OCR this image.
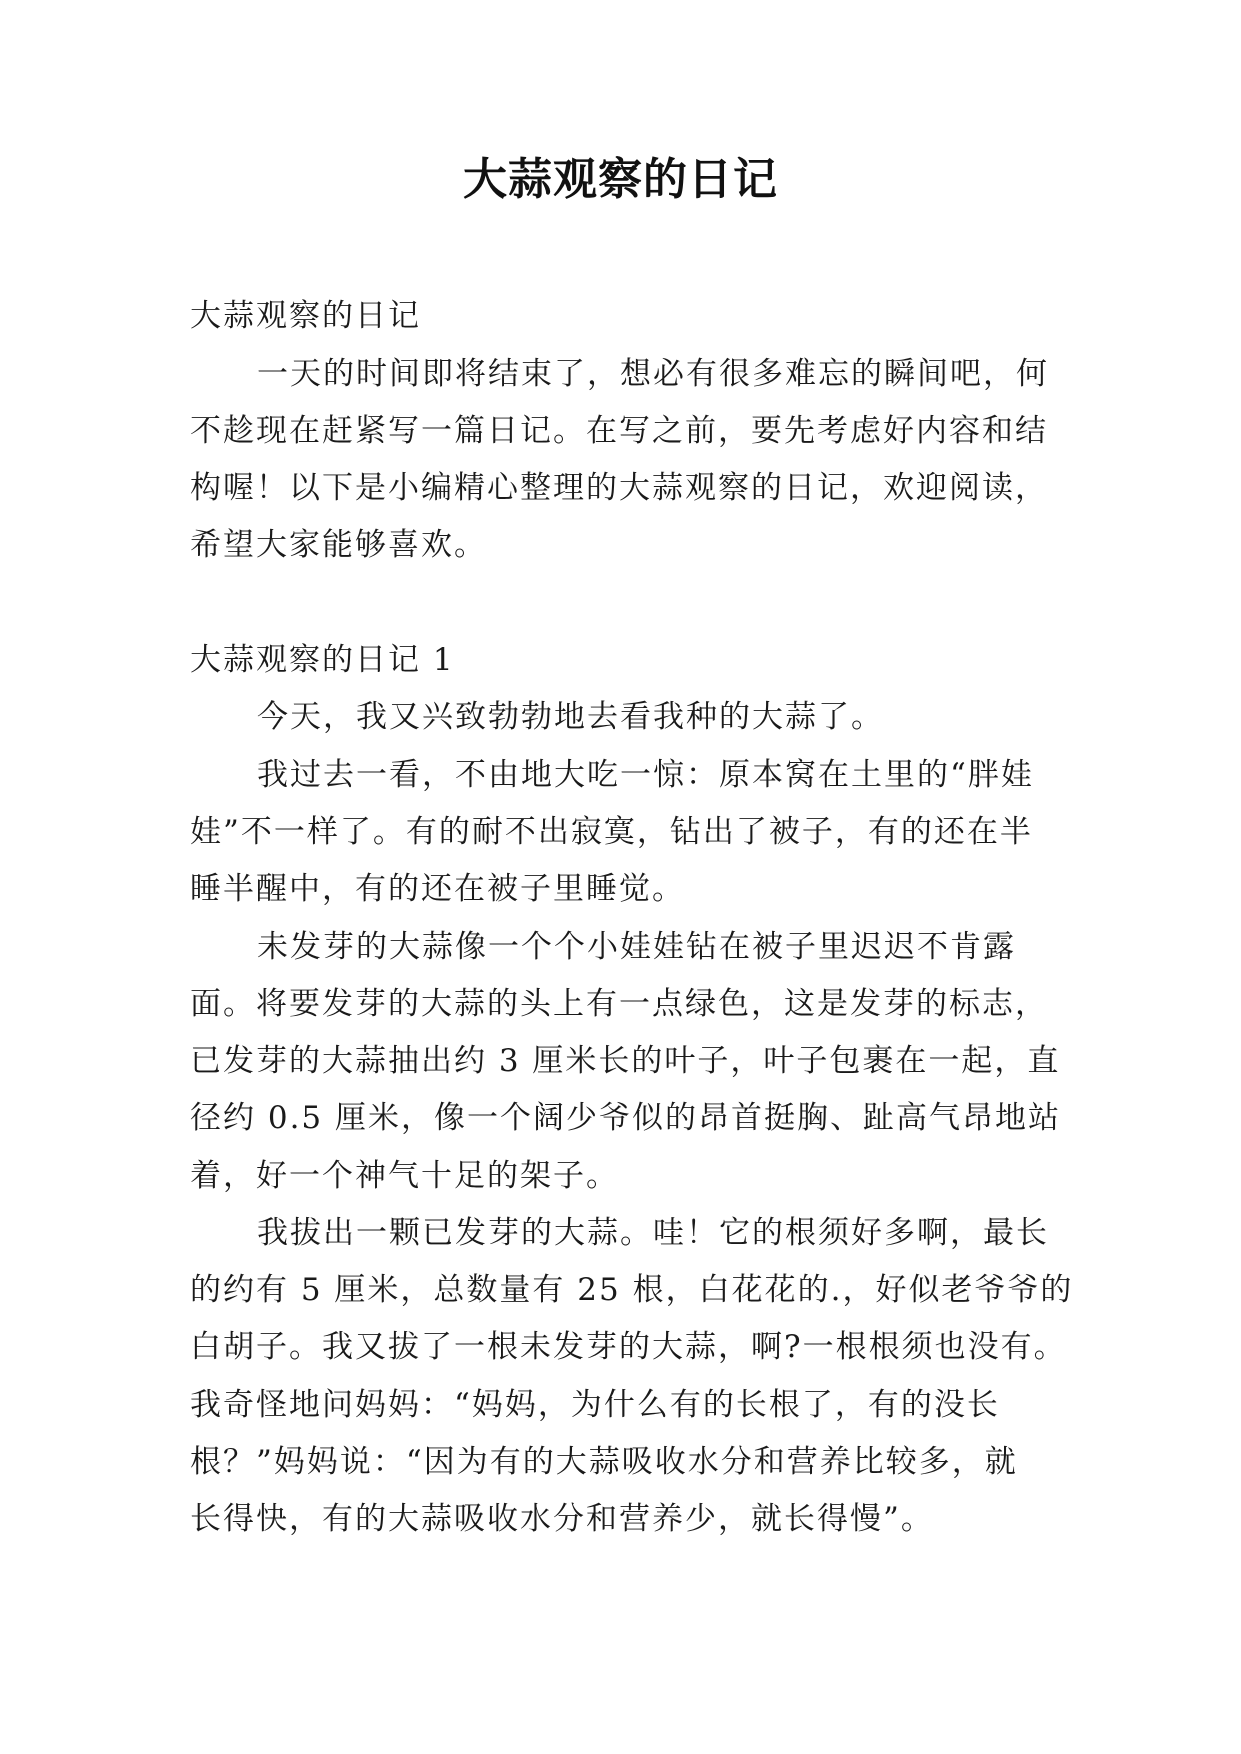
大蒜观察的日记
大蒜观察的日记
一天的时间即将结束了，想必有很多难忘的瞬间吧，何
不趁现在赶紧写一篇日记。在写之前，要先考虑好内容和结
构喔！以下是小编精心整理的大蒜观察的日记，欢迎阅读，
希望大家能够喜欢。
大蒜观察的日记 1
今天，我又兴致勃勃地去看我种的大蒜了。
我过去一看，不由地大吃一惊：原本窝在土里的“胖娃
娃”不一样了。有的耐不出寂寞，钻出了被子，有的还在半
睡半醒中，有的还在被子里睡觉。
未发芽的大蒜像一个个小娃娃钻在被子里迟迟不肯露
面。将要发芽的大蒜的头上有一点绿色，这是发芽的标志，
已发芽的大蒜抽出约 3 厘米长的叶子，叶子包裹在一起，直
径约 0.5 厘米，像一个阔少爷似的昂首挺胸、趾高气昂地站
着，好一个神气十足的架子。
我拔出一颗已发芽的大蒜。哇！它的根须好多啊，最长
的约有 5 厘米，总数量有 25 根，白花花的.，好似老爷爷的
白胡子。我又拔了一根未发芽的大蒜，啊?一根根须也没有。
我奇怪地问妈妈：“妈妈，为什么有的长根了，有的没长
根？”妈妈说：“因为有的大蒜吸收水分和营养比较多，就
长得快，有的大蒜吸收水分和营养少，就长得慢”。
